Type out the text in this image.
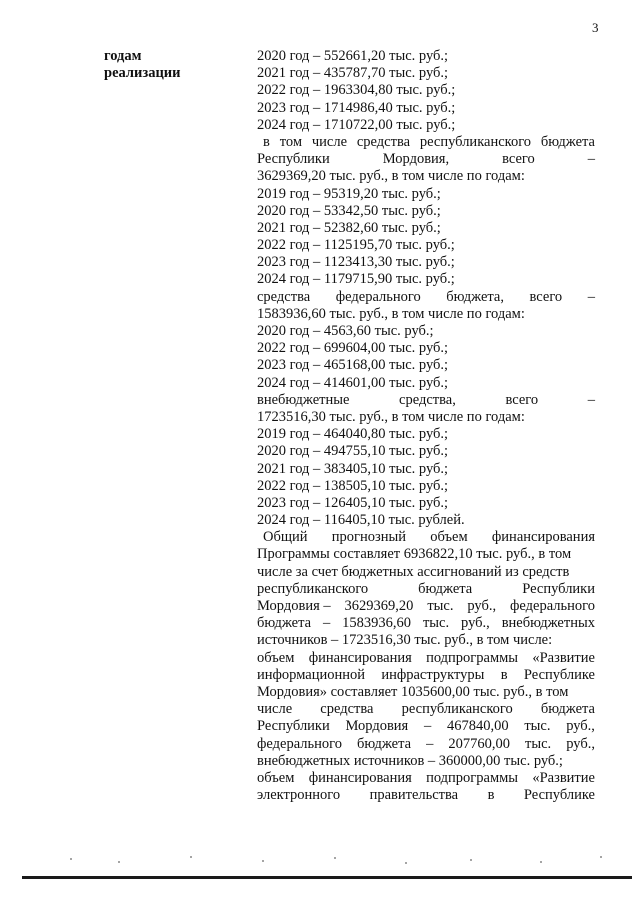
3
годам
реализации
2020 год – 552661,20 тыс. руб.;
2021 год – 435787,70 тыс. руб.;
2022 год – 1963304,80 тыс. руб.;
2023 год – 1714986,40 тыс. руб.;
2024 год – 1710722,00 тыс. руб.;
в том числе средства республиканского бюджета
Республики	Мордовия,	всего	–
3629369,20 тыс. руб., в том числе по годам:
2019 год – 95319,20 тыс. руб.;
2020 год – 53342,50 тыс. руб.;
2021 год – 52382,60 тыс. руб.;
2022 год – 1125195,70 тыс. руб.;
2023 год – 1123413,30 тыс. руб.;
2024 год – 1179715,90 тыс. руб.;
средства федерального бюджета, всего –
1583936,60 тыс. руб., в том числе по годам:
2020 год – 4563,60 тыс. руб.;
2022 год – 699604,00 тыс. руб.;
2023 год – 465168,00 тыс. руб.;
2024 год – 414601,00 тыс. руб.;
внебюджетные	средства,	всего	–
1723516,30 тыс. руб., в том числе по годам:
2019 год – 464040,80 тыс. руб.;
2020 год – 494755,10 тыс. руб.;
2021 год – 383405,10 тыс. руб.;
2022 год – 138505,10 тыс. руб.;
2023 год – 126405,10 тыс. руб.;
2024 год – 116405,10 тыс. рублей.
Общий прогнозный объем финансирования
Программы составляет 6936822,10 тыс. руб., в том
числе за счет бюджетных ассигнований из средств
республиканского	бюджета	Республики
Мордовия – 3629369,20 тыс. руб., федерального
бюджета – 1583936,60 тыс. руб., внебюджетных
источников – 1723516,30 тыс. руб., в том числе:
объем финансирования подпрограммы «Развитие
информационной инфраструктуры в Республике
Мордовия» составляет 1035600,00 тыс. руб., в том
числе средства республиканского бюджета
Республики Мордовия – 467840,00 тыс. руб.,
федерального бюджета – 207760,00 тыс. руб.,
внебюджетных источников – 360000,00 тыс. руб.;
объем финансирования подпрограммы «Развитие
электронного правительства в Республике
